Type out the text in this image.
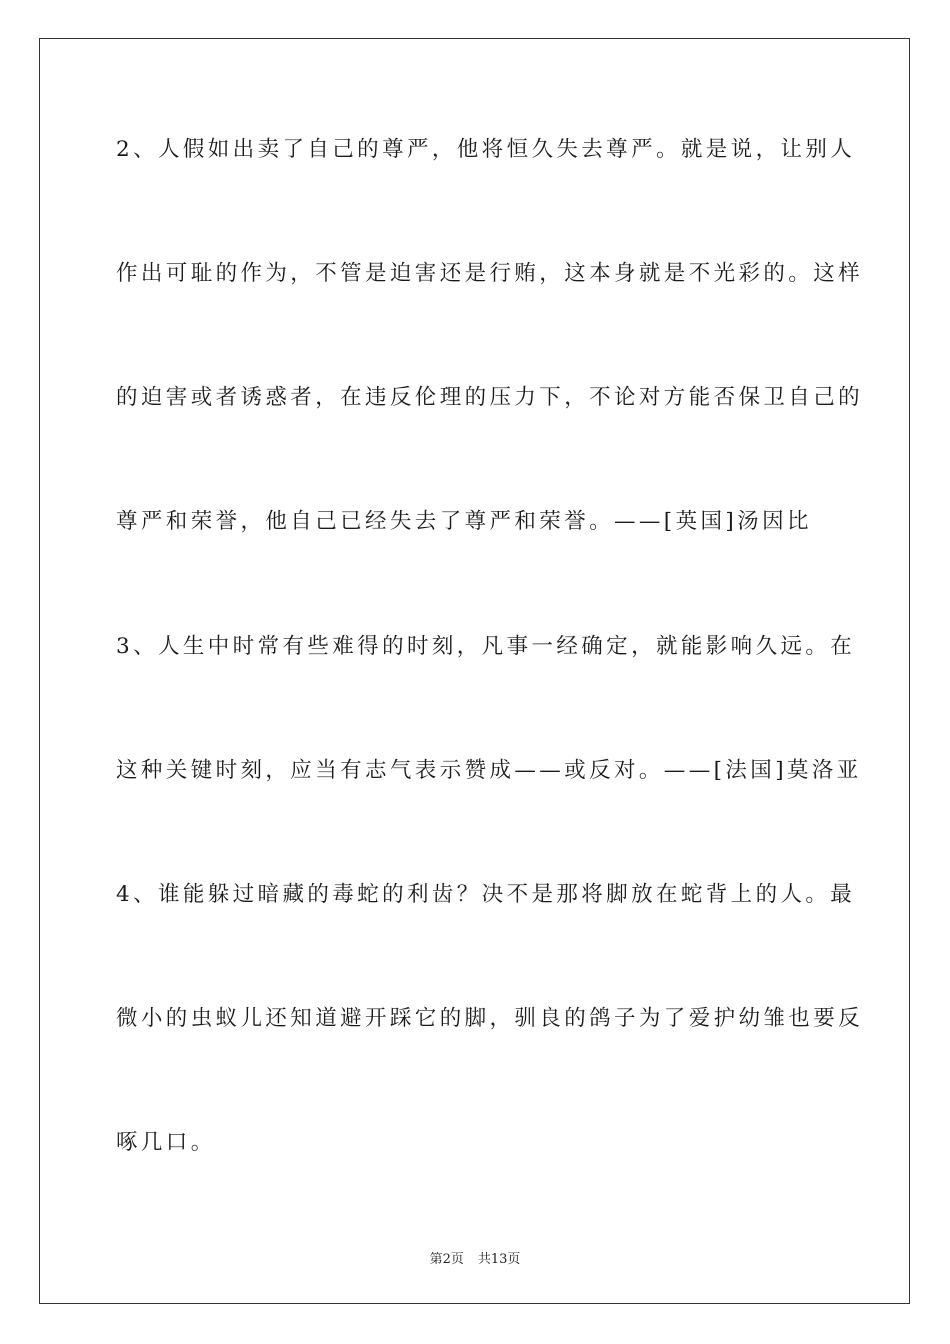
2、人假如出卖了自己的尊严，他将恒久失去尊严。就是说，让别人

作出可耻的作为，不管是迫害还是行贿，这本身就是不光彩的。这样

的迫害或者诱惑者，在违反伦理的压力下，不论对方能否保卫自己的

尊严和荣誉，他自己已经失去了尊严和荣誉。——[英国]汤因比

3、人生中时常有些难得的时刻，凡事一经确定，就能影响久远。在

这种关键时刻，应当有志气表示赞成——或反对。——[法国]莫洛亚

4、谁能躲过暗藏的毒蛇的利齿？决不是那将脚放在蛇背上的人。最

微小的虫蚁儿还知道避开踩它的脚，驯良的鸽子为了爱护幼雏也要反

啄几口。

第2页 共13页
